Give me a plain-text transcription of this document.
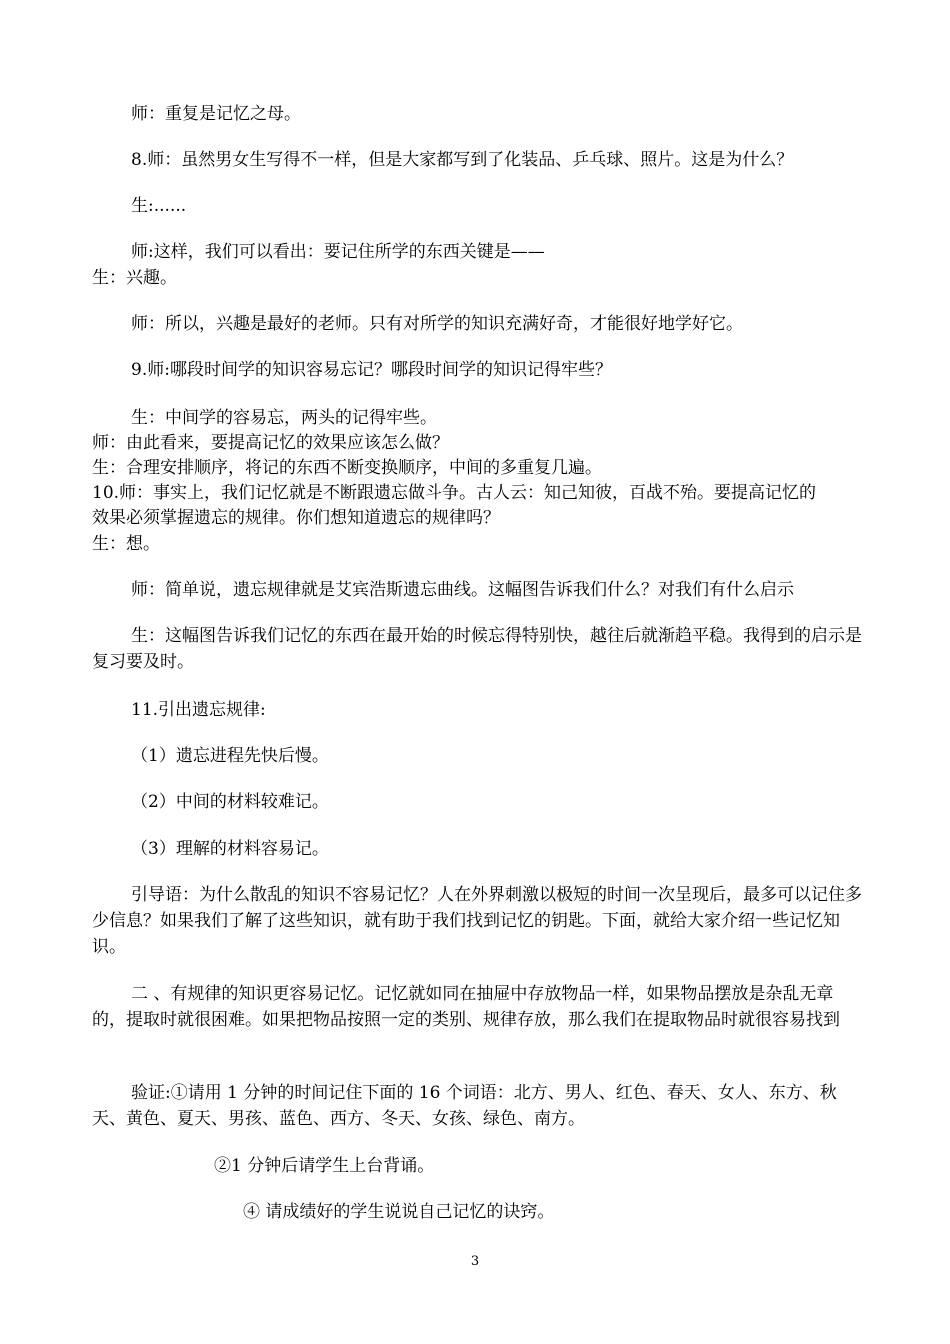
师：重复是记忆之母。
8.师：虽然男女生写得不一样，但是大家都写到了化装品、乒乓球、照片。这是为什么？
生:......
师:这样，我们可以看出：要记住所学的东西关键是——
生：兴趣。
师：所以，兴趣是最好的老师。只有对所学的知识充满好奇，才能很好地学好它。
9.师:哪段时间学的知识容易忘记？哪段时间学的知识记得牢些？
生：中间学的容易忘，两头的记得牢些。
师：由此看来，要提高记忆的效果应该怎么做？
生：合理安排顺序，将记的东西不断变换顺序，中间的多重复几遍。
10.师：事实上，我们记忆就是不断跟遗忘做斗争。古人云：知己知彼，百战不殆。要提高记忆的
效果必须掌握遗忘的规律。你们想知道遗忘的规律吗？
生：想。
师：简单说，遗忘规律就是艾宾浩斯遗忘曲线。这幅图告诉我们什么？对我们有什么启示
生：这幅图告诉我们记忆的东西在最开始的时候忘得特别快，越往后就渐趋平稳。我得到的启示是复习要及时。
11.引出遗忘规律:
（1）遗忘进程先快后慢。
（2）中间的材料较难记。
（3）理解的材料容易记。
引导语：为什么散乱的知识不容易记忆？人在外界刺激以极短的时间一次呈现后，最多可以记住多少信息？如果我们了解了这些知识，就有助于我们找到记忆的钥匙。下面，就给大家介绍一些记忆知识。
二 、有规律的知识更容易记忆。记忆就如同在抽屉中存放物品一样，如果物品摆放是杂乱无章的，提取时就很困难。如果把物品按照一定的类别、规律存放，那么我们在提取物品时就很容易找到
验证:①请用 1 分钟的时间记住下面的 16 个词语：北方、男人、红色、春天、女人、东方、秋天、黄色、夏天、男孩、蓝色、西方、冬天、女孩、绿色、南方。
②1 分钟后请学生上台背诵。
④ 请成绩好的学生说说自己记忆的诀窍。
3
